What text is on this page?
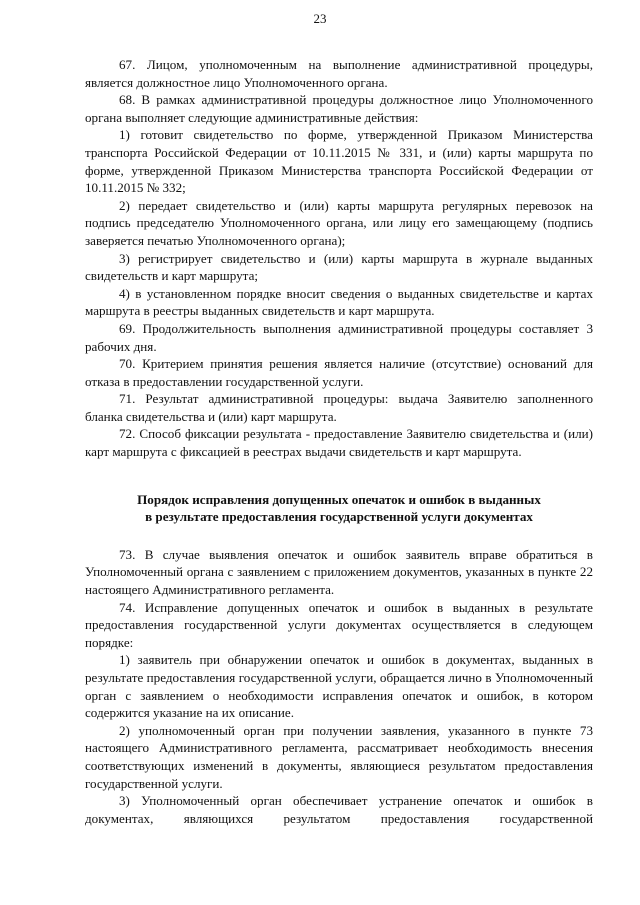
23

67. Лицом, уполномоченным на выполнение административной процедуры, является должностное лицо Уполномоченного органа.

68. В рамках административной процедуры должностное лицо Уполномоченного органа выполняет следующие административные действия:

1) готовит свидетельство по форме, утвержденной Приказом Министерства транспорта Российской Федерации от 10.11.2015 № 331, и (или) карты маршрута по форме, утвержденной Приказом Министерства транспорта Российской Федерации от 10.11.2015 № 332;

2) передает свидетельство и (или) карты маршрута регулярных перевозок на подпись председателю Уполномоченного органа, или лицу его замещающему (подпись заверяется печатью Уполномоченного органа);

3) регистрирует свидетельство и (или) карты маршрута в журнале выданных свидетельств и карт маршрута;

4) в установленном порядке вносит сведения о выданных свидетельстве и картах маршрута в реестры выданных свидетельств и карт маршрута.

69. Продолжительность выполнения административной процедуры составляет 3 рабочих дня.

70. Критерием принятия решения является наличие (отсутствие) оснований для отказа в предоставлении государственной услуги.

71. Результат административной процедуры: выдача Заявителю заполненного бланка свидетельства и (или) карт маршрута.

72. Способ фиксации результата - предоставление Заявителю свидетельства и (или) карт маршрута с фиксацией в реестрах выдачи свидетельств и карт маршрута.

Порядок исправления допущенных опечаток и ошибок в выданных
в результате предоставления государственной услуги документах

73. В случае выявления опечаток и ошибок заявитель вправе обратиться в Уполномоченный органа с заявлением с приложением документов, указанных в пункте 22 настоящего Административного регламента.

74. Исправление допущенных опечаток и ошибок в выданных в результате предоставления государственной услуги документах осуществляется в следующем порядке:

1) заявитель при обнаружении опечаток и ошибок в документах, выданных в результате предоставления государственной услуги, обращается лично в Уполномоченный орган с заявлением о необходимости исправления опечаток и ошибок, в котором содержится указание на их описание.

2) уполномоченный орган при получении заявления, указанного в пункте 73 настоящего Административного регламента, рассматривает необходимость внесения соответствующих изменений в документы, являющиеся результатом предоставления государственной услуги.

3) Уполномоченный орган обеспечивает устранение опечаток и ошибок в документах, являющихся результатом предоставления государственной
